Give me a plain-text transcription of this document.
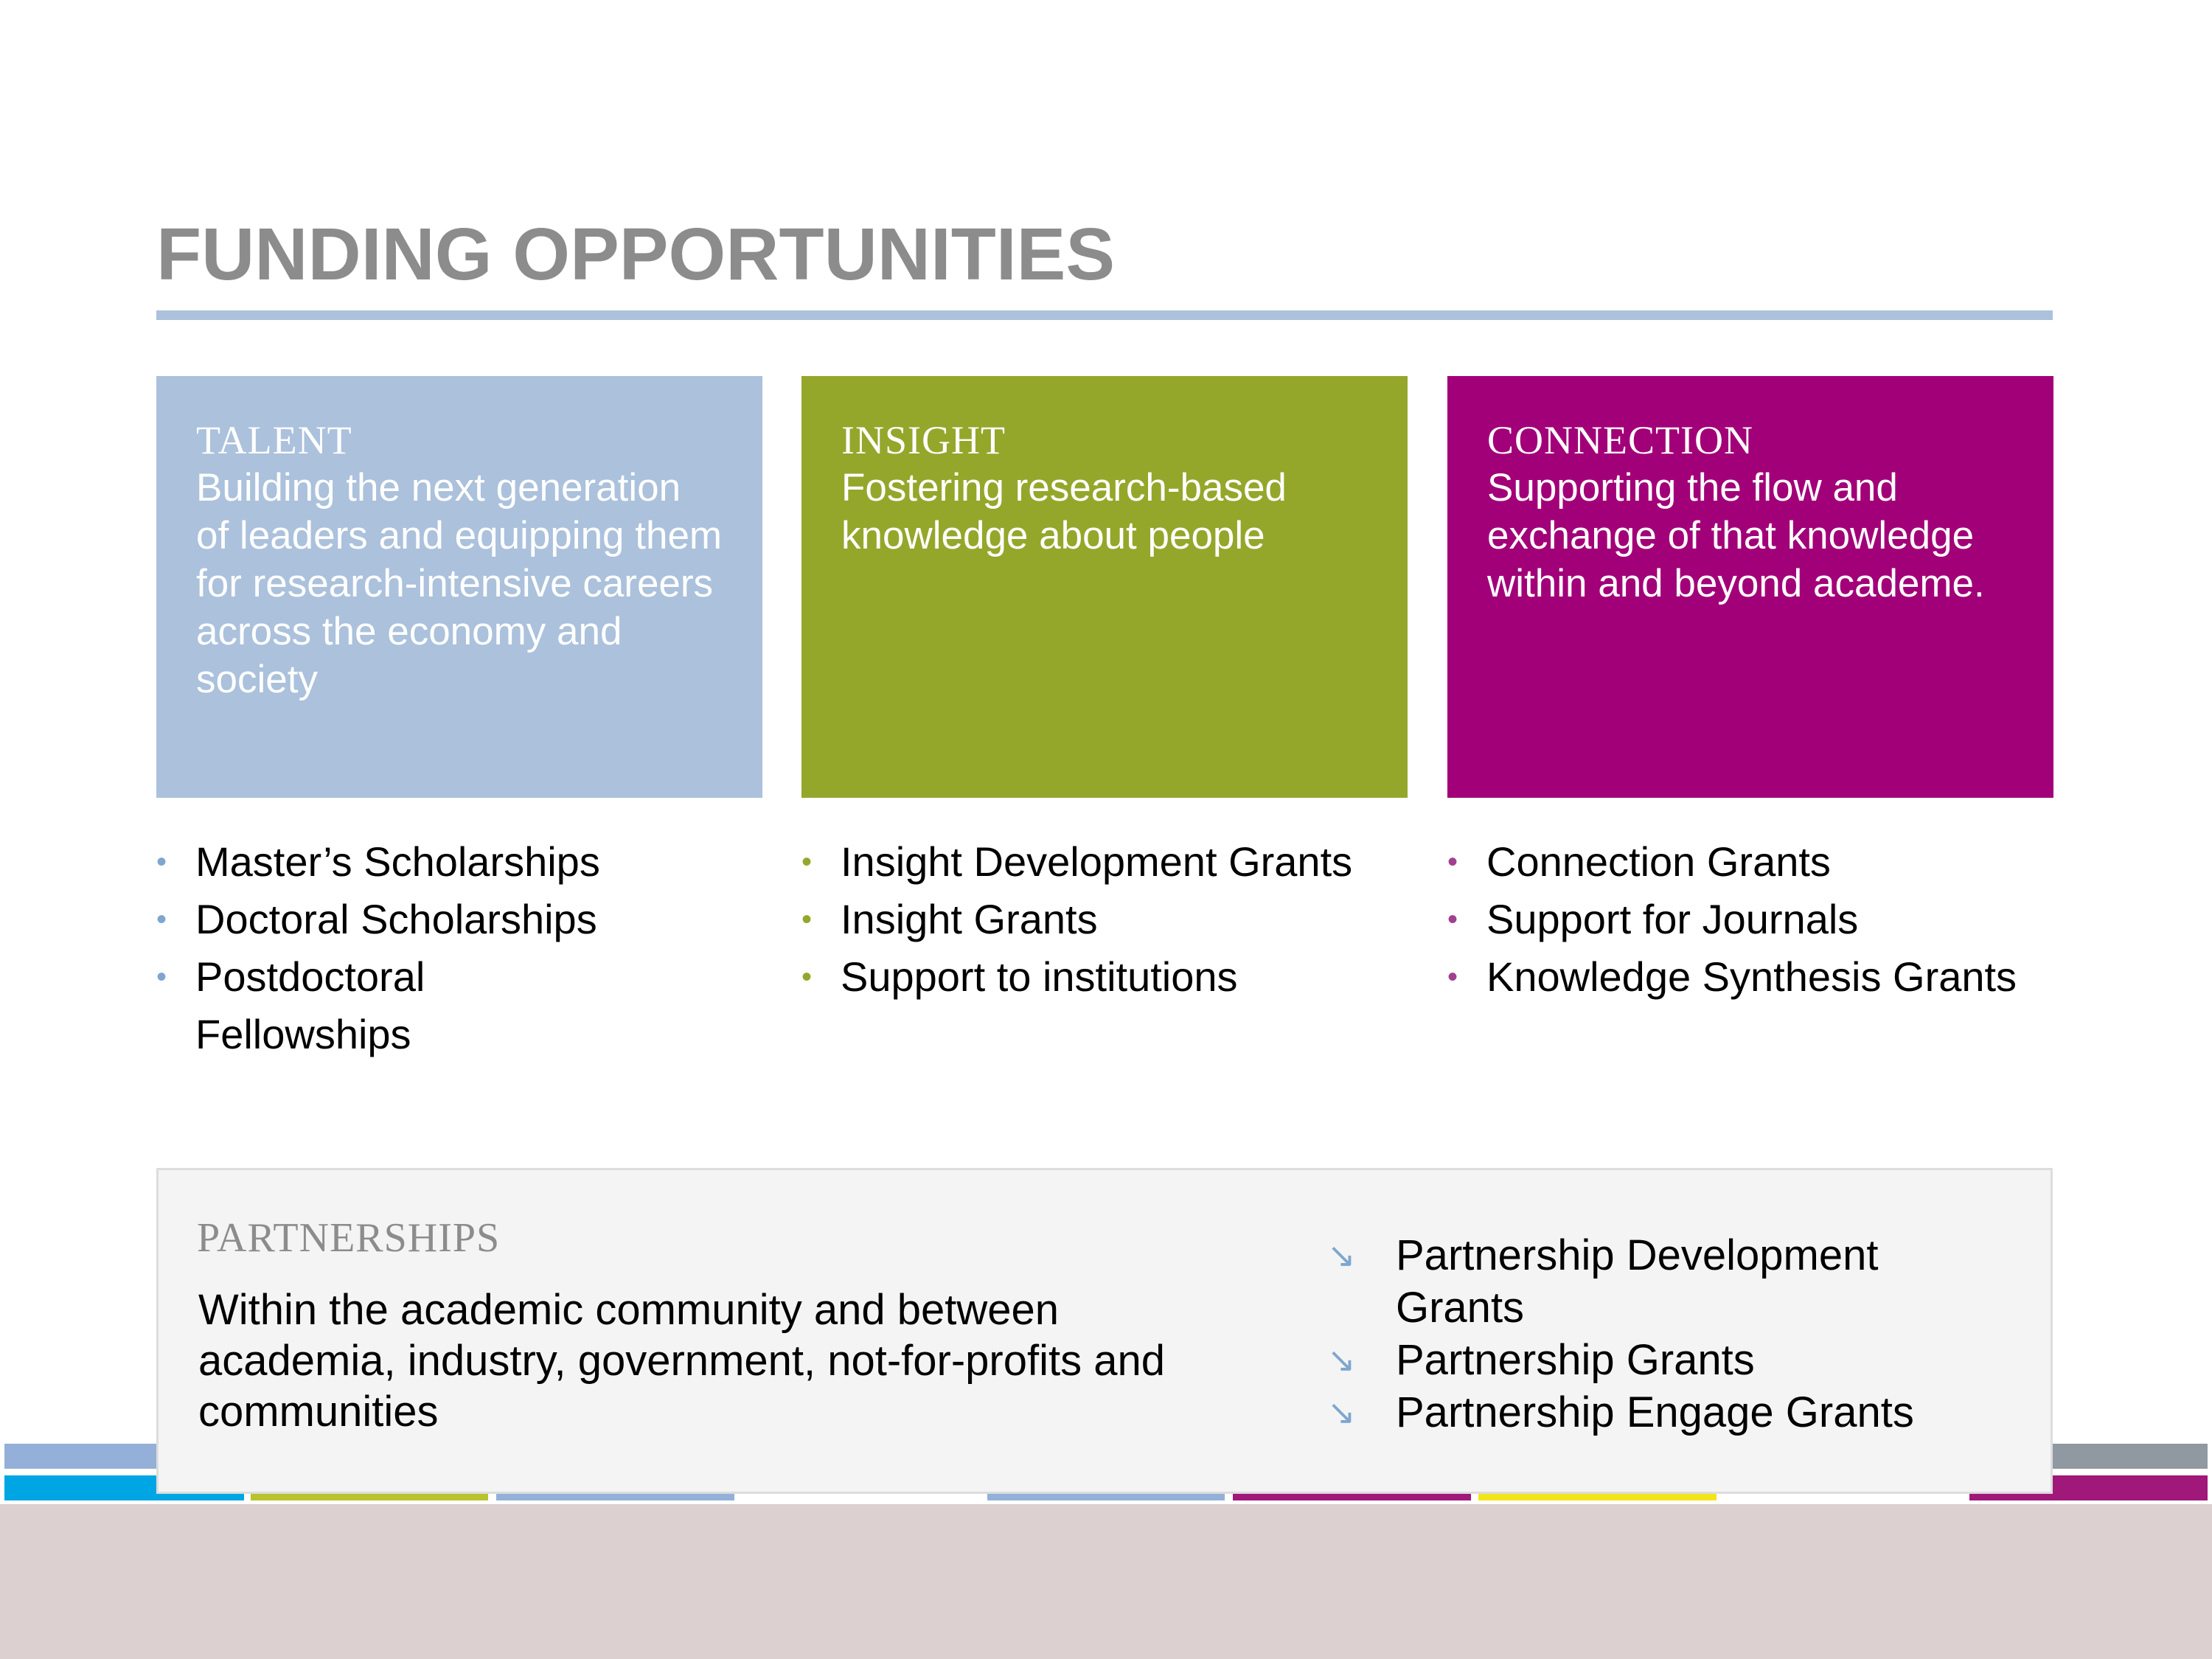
FUNDING OPPORTUNITIES
TALENT
Building the next generation of leaders and equipping them for research-intensive careers across the economy and society
INSIGHT
Fostering research-based knowledge about people
CONNECTION
Supporting the flow and exchange of that knowledge within and beyond academe.
• Master’s Scholarships
• Doctoral Scholarships
• Postdoctoral Fellowships
• Insight Development Grants
• Insight Grants
• Support to institutions
• Connection Grants
• Support for Journals
• Knowledge Synthesis Grants
PARTNERSHIPS
Within the academic community and between academia, industry, government, not-for-profits and communities
↘ Partnership Development Grants
↘ Partnership Grants
↘ Partnership Engage Grants
